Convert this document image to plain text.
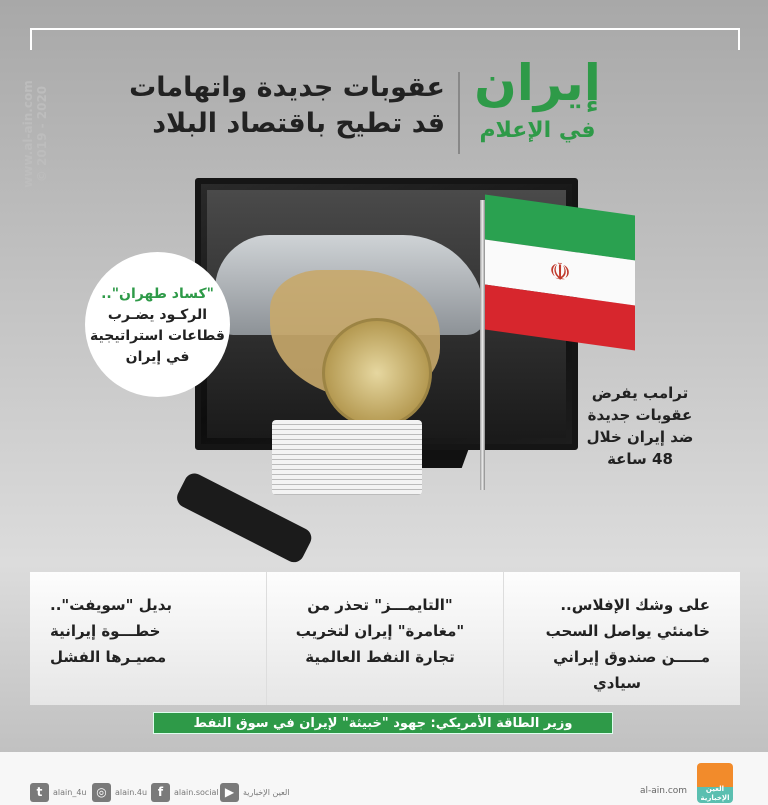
www.al-ain.com © 2019 - 2020
إيران
في الإعلام
عقوبات جديدة واتهامات
قد تطيح باقتصاد البلاد
☫
"كساد طهران"..
الركـود يضـرب
قطاعات استراتيجية
في إيران
ترامب يفرض
عقوبات جديدة
ضد إيران خلال
48 ساعة
على وشك الإفلاس..
خامنئي يواصل السحب
مـــــن صندوق إيراني
سيادي
"التايمـــز" تحذر من
"مغامرة" إيران لتخريب
تجارة النفط العالمية
بديل "سويفت"..
خطـــوة إيرانية
مصيـرها الفشل
وزير الطاقة الأمريكي: جهود "خبيثة" لإيران في سوق النفط
t	alain_4u ◎	alain.4u f	alain.social ▶	العين الإخبارية	al-ain.com	العين الإخبارية
